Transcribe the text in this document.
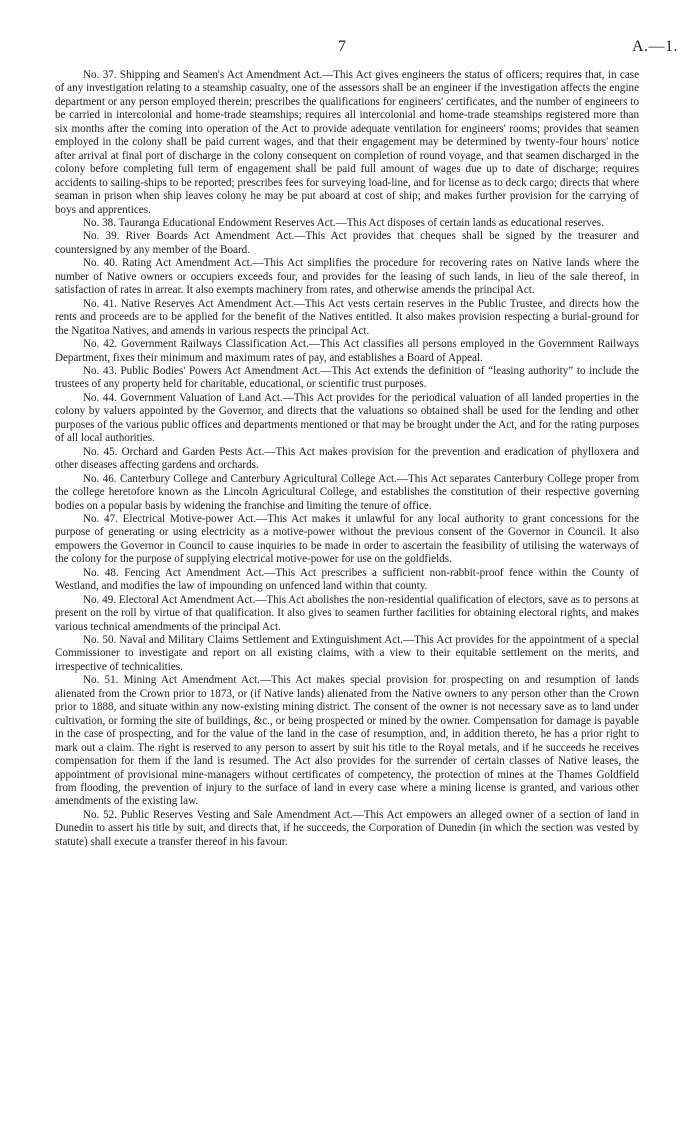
7	A.—1.

No. 37. Shipping and Seamen's Act Amendment Act.—This Act gives engineers the status of officers; requires that, in case of any investigation relating to a steamship casualty, one of the assessors shall be an engineer if the investigation affects the engine department or any person employed therein; prescribes the qualifications for engineers' certificates, and the number of engineers to be carried in intercolonial and home-trade steamships; requires all intercolonial and home-trade steamships registered more than six months after the coming into operation of the Act to provide adequate ventilation for engineers' rooms; provides that seamen employed in the colony shall be paid current wages, and that their engagement may be determined by twenty-four hours' notice after arrival at final port of discharge in the colony consequent on completion of round voyage, and that seamen discharged in the colony before completing full term of engagement shall be paid full amount of wages due up to date of discharge; requires accidents to sailing-ships to be reported; prescribes fees for surveying load-line, and for license as to deck cargo; directs that where seaman in prison when ship leaves colony he may be put aboard at cost of ship; and makes further provision for the carrying of boys and apprentices.

No. 38. Tauranga Educational Endowment Reserves Act.—This Act disposes of certain lands as educational reserves.

No. 39. River Boards Act Amendment Act.—This Act provides that cheques shall be signed by the treasurer and countersigned by any member of the Board.

No. 40. Rating Act Amendment Act.—This Act simplifies the procedure for recovering rates on Native lands where the number of Native owners or occupiers exceeds four, and provides for the leasing of such lands, in lieu of the sale thereof, in satisfaction of rates in arrear. It also exempts machinery from rates, and otherwise amends the principal Act.

No. 41. Native Reserves Act Amendment Act.—This Act vests certain reserves in the Public Trustee, and directs how the rents and proceeds are to be applied for the benefit of the Natives entitled. It also makes provision respecting a burial-ground for the Ngatitoa Natives, and amends in various respects the principal Act.

No. 42. Government Railways Classification Act.—This Act classifies all persons employed in the Government Railways Department, fixes their minimum and maximum rates of pay, and establishes a Board of Appeal.

No. 43. Public Bodies' Powers Act Amendment Act.—This Act extends the definition of “leasing authority” to include the trustees of any property held for charitable, educational, or scientific trust purposes.

No. 44. Government Valuation of Land Act.—This Act provides for the periodical valuation of all landed properties in the colony by valuers appointed by the Governor, and directs that the valuations so obtained shall be used for the lending and other purposes of the various public offices and departments mentioned or that may be brought under the Act, and for the rating purposes of all local authorities.

No. 45. Orchard and Garden Pests Act.—This Act makes provision for the prevention and eradication of phylloxera and other diseases affecting gardens and orchards.

No. 46. Canterbury College and Canterbury Agricultural College Act.—This Act separates Canterbury College proper from the college heretofore known as the Lincoln Agricultural College, and establishes the constitution of their respective governing bodies on a popular basis by widening the franchise and limiting the tenure of office.

No. 47. Electrical Motive-power Act.—This Act makes it unlawful for any local authority to grant concessions for the purpose of generating or using electricity as a motive-power without the previous consent of the Governor in Council. It also empowers the Governor in Council to cause inquiries to be made in order to ascertain the feasibility of utilising the waterways of the colony for the purpose of supplying electrical motive-power for use on the goldfields.

No. 48. Fencing Act Amendment Act.—This Act prescribes a sufficient non-rabbit-proof fence within the County of Westland, and modifies the law of impounding on unfenced land within that county.

No. 49. Electoral Act Amendment Act.—This Act abolishes the non-residential qualification of electors, save as to persons at present on the roll by virtue of that qualification. It also gives to seamen further facilities for obtaining electoral rights, and makes various technical amendments of the principal Act.

No. 50. Naval and Military Claims Settlement and Extinguishment Act.—This Act provides for the appointment of a special Commissioner to investigate and report on all existing claims, with a view to their equitable settlement on the merits, and irrespective of technicalities.

No. 51. Mining Act Amendment Act.—This Act makes special provision for prospecting on and resumption of lands alienated from the Crown prior to 1873, or (if Native lands) alienated from the Native owners to any person other than the Crown prior to 1888, and situate within any now-existing mining district. The consent of the owner is not necessary save as to land under cultivation, or forming the site of buildings, &c., or being prospected or mined by the owner. Compensation for damage is payable in the case of prospecting, and for the value of the land in the case of resumption, and, in addition thereto, he has a prior right to mark out a claim. The right is reserved to any person to assert by suit his title to the Royal metals, and if he succeeds he receives compensation for them if the land is resumed. The Act also provides for the surrender of certain classes of Native leases, the appointment of provisional mine-managers without certificates of competency, the protection of mines at the Thames Goldfield from flooding, the prevention of injury to the surface of land in every case where a mining license is granted, and various other amendments of the existing law.

No. 52. Public Reserves Vesting and Sale Amendment Act.—This Act empowers an alleged owner of a section of land in Dunedin to assert his title by suit, and directs that, if he succeeds, the Corporation of Dunedin (in which the section was vested by statute) shall execute a transfer thereof in his favour.
